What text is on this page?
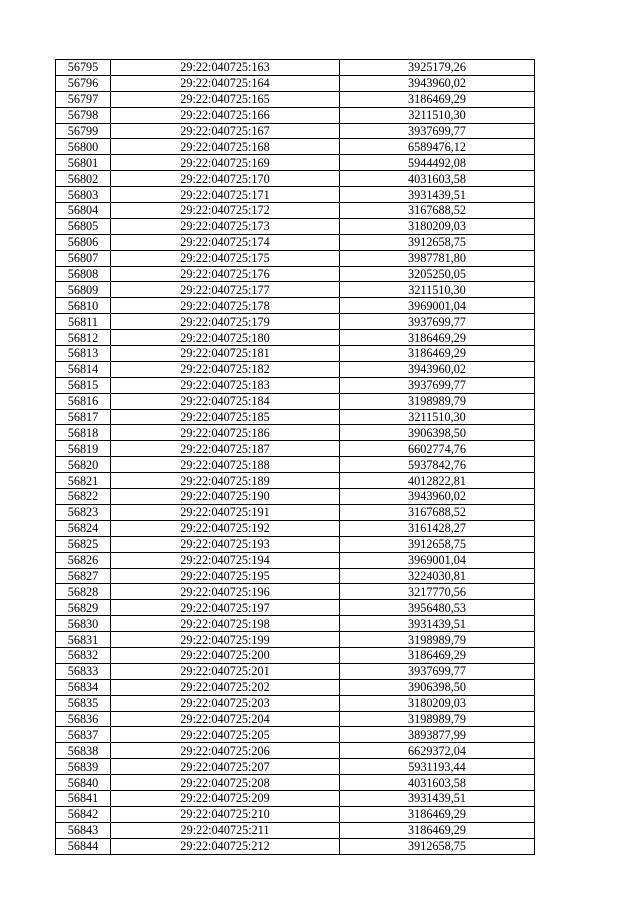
56795	29:22:040725:163	3925179,26
56796	29:22:040725:164	3943960,02
56797	29:22:040725:165	3186469,29
56798	29:22:040725:166	3211510,30
56799	29:22:040725:167	3937699,77
56800	29:22:040725:168	6589476,12
56801	29:22:040725:169	5944492,08
56802	29:22:040725:170	4031603,58
56803	29:22:040725:171	3931439,51
56804	29:22:040725:172	3167688,52
56805	29:22:040725:173	3180209,03
56806	29:22:040725:174	3912658,75
56807	29:22:040725:175	3987781,80
56808	29:22:040725:176	3205250,05
56809	29:22:040725:177	3211510,30
56810	29:22:040725:178	3969001,04
56811	29:22:040725:179	3937699,77
56812	29:22:040725:180	3186469,29
56813	29:22:040725:181	3186469,29
56814	29:22:040725:182	3943960,02
56815	29:22:040725:183	3937699,77
56816	29:22:040725:184	3198989,79
56817	29:22:040725:185	3211510,30
56818	29:22:040725:186	3906398,50
56819	29:22:040725:187	6602774,76
56820	29:22:040725:188	5937842,76
56821	29:22:040725:189	4012822,81
56822	29:22:040725:190	3943960,02
56823	29:22:040725:191	3167688,52
56824	29:22:040725:192	3161428,27
56825	29:22:040725:193	3912658,75
56826	29:22:040725:194	3969001,04
56827	29:22:040725:195	3224030,81
56828	29:22:040725:196	3217770,56
56829	29:22:040725:197	3956480,53
56830	29:22:040725:198	3931439,51
56831	29:22:040725:199	3198989,79
56832	29:22:040725:200	3186469,29
56833	29:22:040725:201	3937699,77
56834	29:22:040725:202	3906398,50
56835	29:22:040725:203	3180209,03
56836	29:22:040725:204	3198989,79
56837	29:22:040725:205	3893877,99
56838	29:22:040725:206	6629372,04
56839	29:22:040725:207	5931193,44
56840	29:22:040725:208	4031603,58
56841	29:22:040725:209	3931439,51
56842	29:22:040725:210	3186469,29
56843	29:22:040725:211	3186469,29
56844	29:22:040725:212	3912658,75
